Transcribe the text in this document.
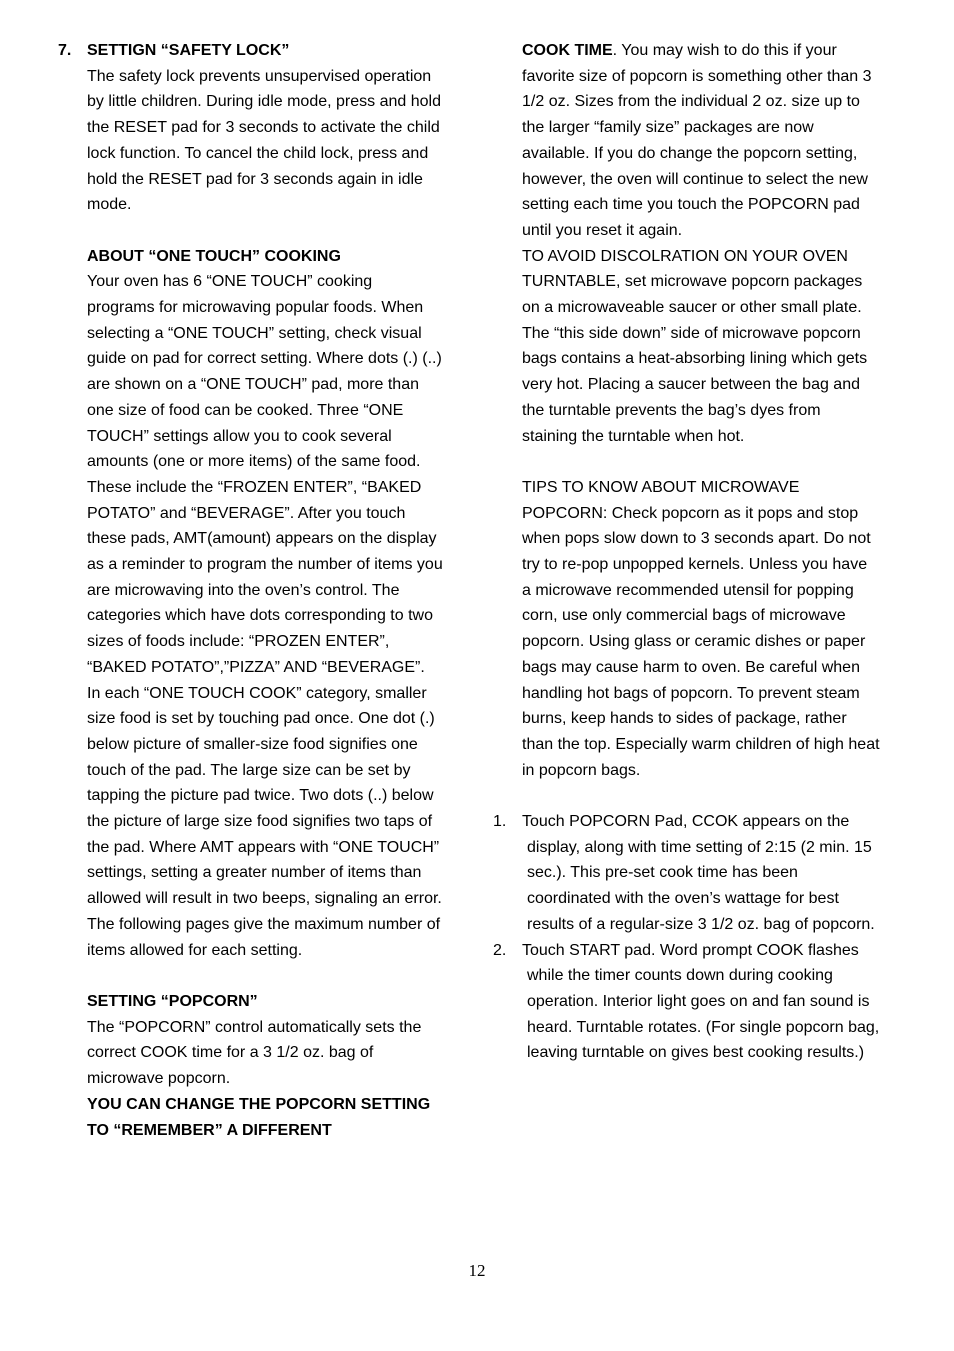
7. SETTIGN “SAFETY LOCK”
The safety lock prevents unsupervised operation
by little children. During idle mode, press and hold
the RESET pad for 3 seconds to activate the child
lock function. To cancel the child lock, press and
hold the RESET pad for 3 seconds again in idle
mode.
ABOUT “ONE TOUCH” COOKING
Your oven has 6 “ONE TOUCH” cooking
programs for microwaving popular foods. When
selecting a “ONE TOUCH” setting, check visual
guide on pad for correct setting. Where dots (.) (..)
are shown on a “ONE TOUCH” pad, more than
one size of food can be cooked. Three “ONE
TOUCH” settings allow you to cook several
amounts (one or more items) of the same food.
These include the “FROZEN ENTER”, “BAKED
POTATO” and “BEVERAGE”. After you touch
these pads, AMT(amount) appears on the display
as a reminder to program the number of items you
are microwaving into the oven’s control. The
categories which have dots corresponding to two
sizes of foods include: “PROZEN ENTER”,
“BAKED POTATO”,”PIZZA” AND “BEVERAGE”.
In each “ONE TOUCH COOK” category, smaller
size food is set by touching pad once. One dot (.)
below picture of smaller-size food signifies one
touch of the pad. The large size can be set by
tapping the picture pad twice. Two dots (..) below
the picture of large size food signifies two taps of
the pad. Where AMT appears with “ONE TOUCH”
settings, setting a greater number of items than
allowed will result in two beeps, signaling an error.
The following pages give the maximum number of
items allowed for each setting.
SETTING “POPCORN”
The “POPCORN” control automatically sets the
correct COOK time for a 3 1/2 oz. bag of
microwave popcorn.
YOU CAN CHANGE THE POPCORN SETTING
TO “REMEMBER” A DIFFERENT
COOK TIME. You may wish to do this if your
favorite size of popcorn is something other than 3
1/2 oz. Sizes from the individual 2 oz. size up to
the larger “family size” packages are now
available. If you do change the popcorn setting,
however, the oven will continue to select the new
setting each time you touch the POPCORN pad
until you reset it again.
TO AVOID DISCOLRATION ON YOUR OVEN
TURNTABLE, set microwave popcorn packages
on a microwaveable saucer or other small plate.
The “this side down” side of microwave popcorn
bags contains a heat-absorbing lining which gets
very hot. Placing a saucer between the bag and
the turntable prevents the bag’s dyes from
staining the turntable when hot.
TIPS TO KNOW ABOUT MICROWAVE
POPCORN: Check popcorn as it pops and stop
when pops slow down to 3 seconds apart. Do not
try to re-pop unpopped kernels. Unless you have
a microwave recommended utensil for popping
corn, use only commercial bags of microwave
popcorn. Using glass or ceramic dishes or paper
bags may cause harm to oven. Be careful when
handling hot bags of popcorn. To prevent steam
burns, keep hands to sides of package, rather
than the top. Especially warm children of high heat
in popcorn bags.
1. Touch POPCORN Pad, CCOK appears on the
display, along with time setting of 2:15 (2 min. 15
sec.). This pre-set cook time has been
coordinated with the oven’s wattage for best
results of a regular-size 3 1/2 oz. bag of popcorn.
2. Touch START pad. Word prompt COOK flashes
while the timer counts down during cooking
operation. Interior light goes on and fan sound is
heard. Turntable rotates. (For single popcorn bag,
leaving turntable on gives best cooking results.)
12
